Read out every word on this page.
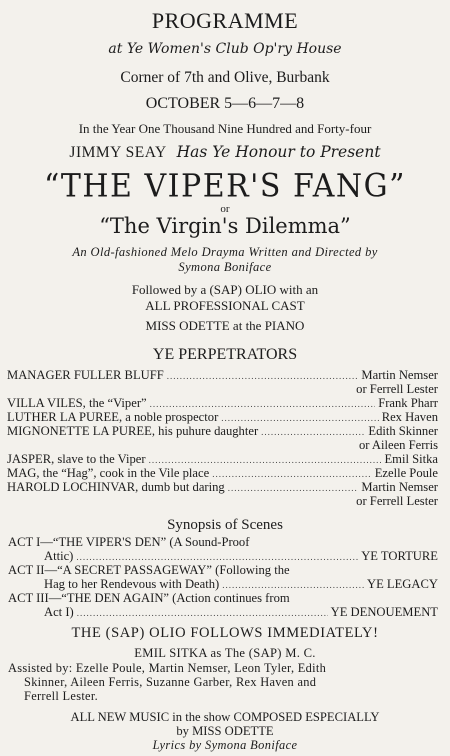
PROGRAMME
at Ye Women's Club Op'ry House
Corner of 7th and Olive, Burbank
OCTOBER 5—6—7—8
In the Year One Thousand Nine Hundred and Forty-four
JIMMY SEAY Has Ye Honour to Present
“THE VIPER'S FANG”
or
“The Virgin's Dilemma”
An Old-fashioned Melo Drayma Written and Directed by
Symona Boniface
Followed by a (SAP) OLIO with an
ALL PROFESSIONAL CAST
MISS ODETTE at the PIANO
YE PERPETRATORS
MANAGER FULLER BLUFF .....	Martin Nemser
or Ferrell Lester
VILLA VILES, the “Viper” .....	Frank Pharr
LUTHER LA PUREE, a noble prospector .....	Rex Haven
MIGNONETTE LA PUREE, his puhure daughter .....	Edith Skinner
or Aileen Ferris
JASPER, slave to the Viper .....	Emil Sitka
MAG, the “Hag”, cook in the Vile place .....	Ezelle Poule
HAROLD LOCHINVAR, dumb but daring .....	Martin Nemser
or Ferrell Lester
Synopsis of Scenes
ACT I—“THE VIPER'S DEN” (A Sound-Proof
Attic) .....	YE TORTURE
ACT II—“A SECRET PASSAGEWAY” (Following the
Hag to her Rendevous with Death) .....	YE LEGACY
ACT III—“THE DEN AGAIN” (Action continues from
Act I) .....	YE DENOUEMENT
THE (SAP) OLIO FOLLOWS IMMEDIATELY!
EMIL SITKA as The (SAP) M. C.
Assisted by: Ezelle Poule, Martin Nemser, Leon Tyler, Edith
Skinner, Aileen Ferris, Suzanne Garber, Rex Haven and
Ferrell Lester.
ALL NEW MUSIC in the show COMPOSED ESPECIALLY
by MISS ODETTE
Lyrics by Symona Boniface
